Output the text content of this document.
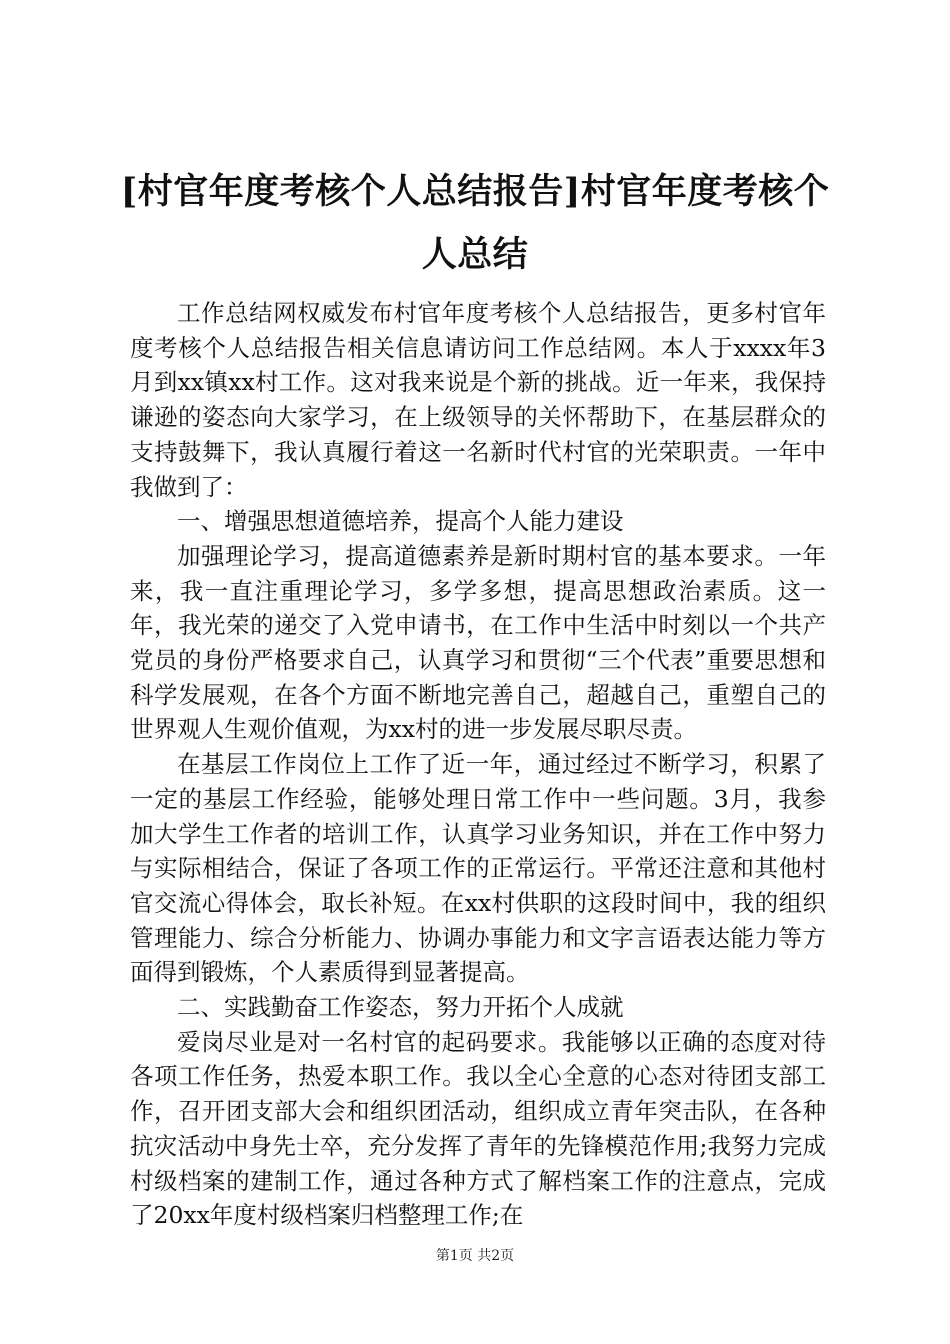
[村官年度考核个人总结报告]村官年度考核个人总结

工作总结网权威发布村官年度考核个人总结报告，更多村官年度考核个人总结报告相关信息请访问工作总结网。本人于xxxx年3月到xx镇xx村工作。这对我来说是个新的挑战。近一年来，我保持谦逊的姿态向大家学习，在上级领导的关怀帮助下，在基层群众的支持鼓舞下，我认真履行着这一名新时代村官的光荣职责。一年中我做到了：

一、增强思想道德培养，提高个人能力建设

加强理论学习，提高道德素养是新时期村官的基本要求。一年来，我一直注重理论学习，多学多想，提高思想政治素质。这一年，我光荣的递交了入党申请书，在工作中生活中时刻以一个共产党员的身份严格要求自己，认真学习和贯彻“三个代表”重要思想和科学发展观，在各个方面不断地完善自己，超越自己，重塑自己的世界观人生观价值观，为xx村的进一步发展尽职尽责。

在基层工作岗位上工作了近一年，通过经过不断学习，积累了一定的基层工作经验，能够处理日常工作中一些问题。3月，我参加大学生工作者的培训工作，认真学习业务知识，并在工作中努力与实际相结合，保证了各项工作的正常运行。平常还注意和其他村官交流心得体会，取长补短。在xx村供职的这段时间中，我的组织管理能力、综合分析能力、协调办事能力和文字言语表达能力等方面得到锻炼，个人素质得到显著提高。

二、实践勤奋工作姿态，努力开拓个人成就

爱岗尽业是对一名村官的起码要求。我能够以正确的态度对待各项工作任务，热爱本职工作。我以全心全意的心态对待团支部工作，召开团支部大会和组织团活动，组织成立青年突击队，在各种抗灾活动中身先士卒，充分发挥了青年的先锋模范作用;我努力完成村级档案的建制工作，通过各种方式了解档案工作的注意点，完成了20xx年度村级档案归档整理工作;在

第1页 共2页
